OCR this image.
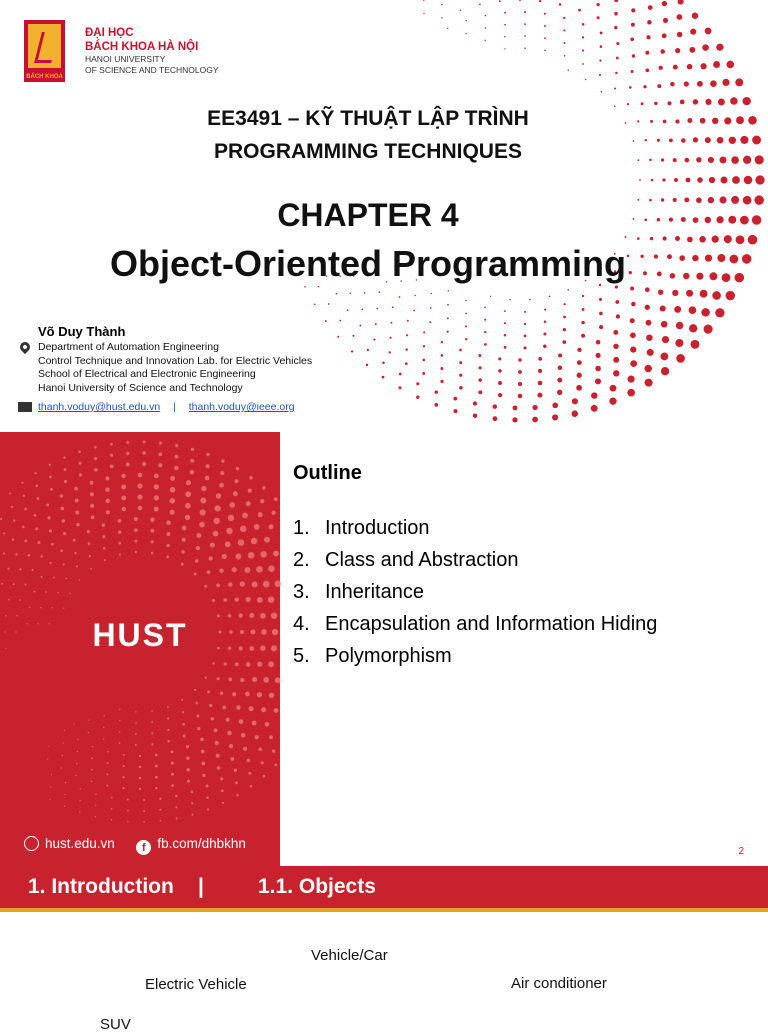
BÁCH KHOA
ĐẠI HỌC
BÁCH KHOA HÀ NỘI
HANOI UNIVERSITY
OF SCIENCE AND TECHNOLOGY
EE3491 – KỸ THUẬT LẬP TRÌNH
PROGRAMMING TECHNIQUES
CHAPTER 4
Object-Oriented Programming
Võ Duy Thành
Department of Automation Engineering
Control Technique and Innovation Lab. for Electric Vehicles
School of Electrical and Electronic Engineering
Hanoi University of Science and Technology
thanh.voduy@hust.edu.vn | thanh.voduy@ieee.org
HUST
hust.edu.vn f fb.com/dhbkhn
Outline
1. Introduction
2. Class and Abstraction
3. Inheritance
4. Encapsulation and Information Hiding
5. Polymorphism
2
1. Introduction |	1.1. Objects
Vehicle/Car
Electric Vehicle	Air conditioner
SUV
